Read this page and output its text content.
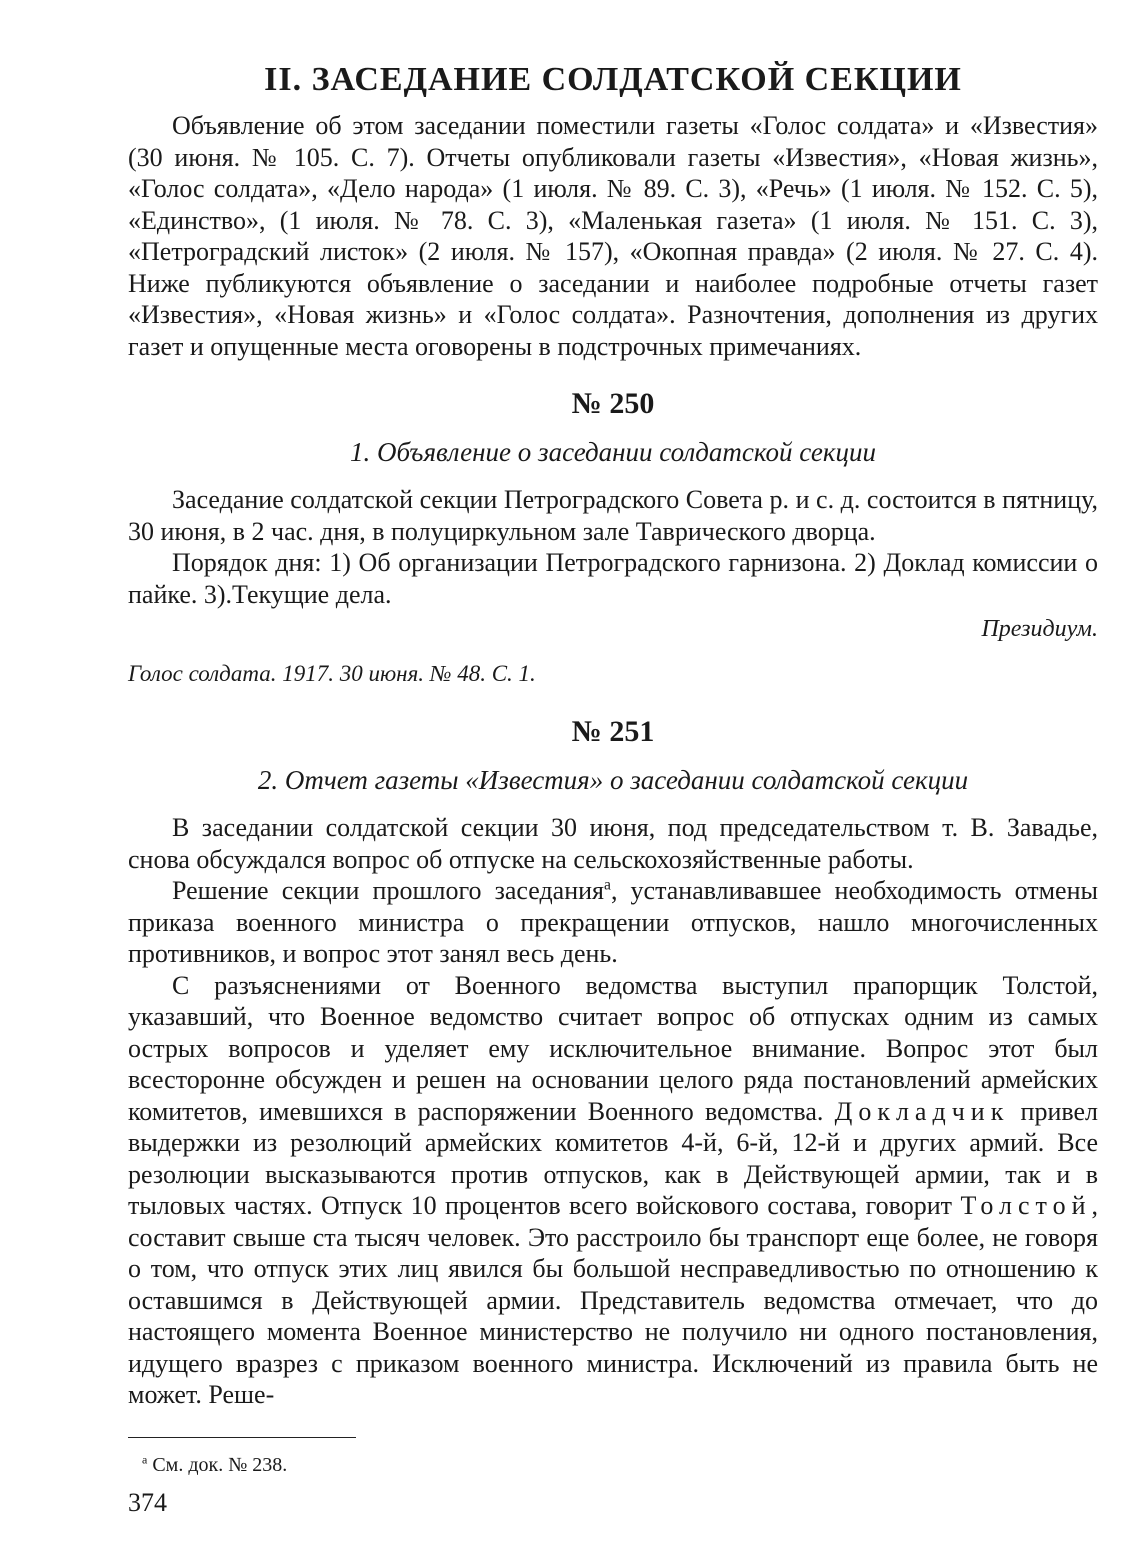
II. ЗАСЕДАНИЕ СОЛДАТСКОЙ СЕКЦИИ

Объявление об этом заседании поместили газеты «Голос солдата» и «Известия» (30 июня. № 105. С. 7). Отчеты опубликовали газеты «Известия», «Новая жизнь», «Голос солдата», «Дело народа» (1 июля. № 89. С. 3), «Речь» (1 июля. № 152. С. 5), «Единство», (1 июля. № 78. С. 3), «Маленькая газета» (1 июля. № 151. С. 3), «Петроградский листок» (2 июля. № 157), «Окопная правда» (2 июля. № 27. С. 4). Ниже публикуются объявление о заседании и наиболее подробные отчеты газет «Известия», «Новая жизнь» и «Голос солдата». Разночтения, дополнения из других газет и опущенные места оговорены в подстрочных примечаниях.

№ 250
1. Объявление о заседании солдатской секции

Заседание солдатской секции Петроградского Совета р. и с. д. состоится в пятницу, 30 июня, в 2 час. дня, в полуциркульном зале Таврического дворца.

Порядок дня: 1) Об организации Петроградского гарнизона. 2) Доклад комиссии о пайке. 3).Текущие дела.

Президиум.
Голос солдата. 1917. 30 июня. № 48. С. 1.
№ 251
2. Отчет газеты «Известия» о заседании солдатской секции

В заседании солдатской секции 30 июня, под председательством т. В. Завадье, снова обсуждался вопрос об отпуске на сельскохозяйственные работы.

Решение секции прошлого заседания$^а$, устанавливавшее необходимость отмены приказа военного министра о прекращении отпусков, нашло многочисленных противников, и вопрос этот занял весь день.

С разъяснениями от Военного ведомства выступил прапорщик Толстой, указавший, что Военное ведомство считает вопрос об отпусках одним из самых острых вопросов и уделяет ему исключительное внимание. Вопрос этот был всесторонне обсужден и решен на основании целого ряда постановлений армейских комитетов, имевшихся в распоряжении Военного ведомства. Докладчик привел выдержки из резолюций армейских комитетов 4-й, 6-й, 12-й и других армий. Все резолюции высказываются против отпусков, как в Действующей армии, так и в тыловых частях. Отпуск 10 процентов всего войскового состава, говорит Толстой, составит свыше ста тысяч человек. Это расстроило бы транспорт еще более, не говоря о том, что отпуск этих лиц явился бы большой несправедливостью по отношению к оставшимся в Действующей армии. Представитель ведомства отмечает, что до настоящего момента Военное министерство не получило ни одного постановления, идущего вразрез с приказом военного министра. Исключений из правила быть не может. Реше-

$^а$ См. док. № 238.
374
